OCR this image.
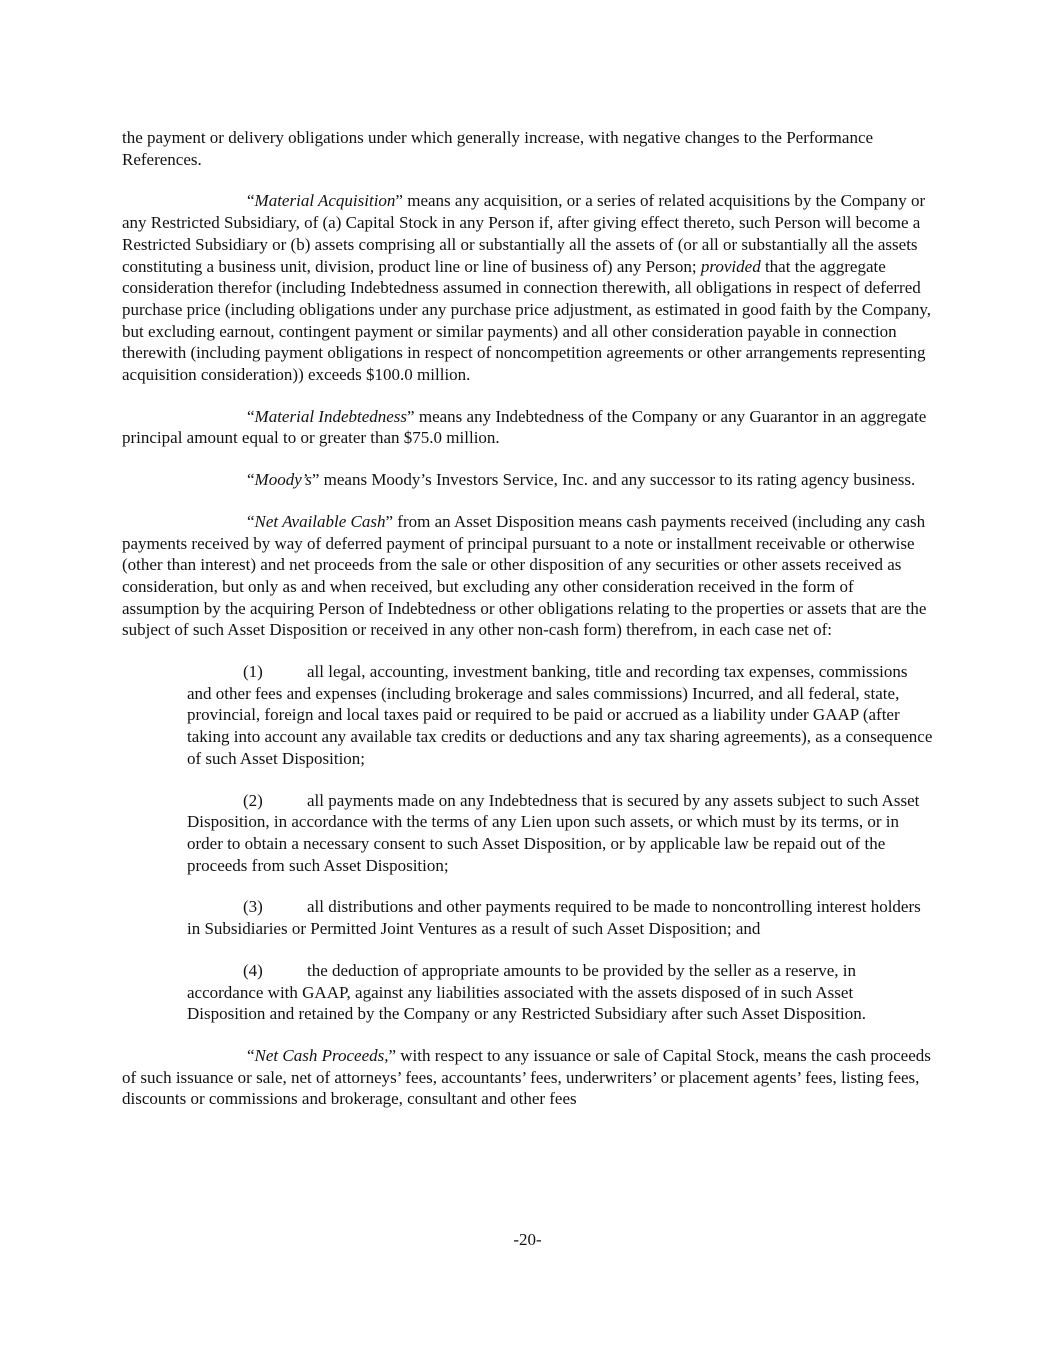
the payment or delivery obligations under which generally increase, with negative changes to the Performance References.

“Material Acquisition” means any acquisition, or a series of related acquisitions by the Company or any Restricted Subsidiary, of (a) Capital Stock in any Person if, after giving effect thereto, such Person will become a Restricted Subsidiary or (b) assets comprising all or substantially all the assets of (or all or substantially all the assets constituting a business unit, division, product line or line of business of) any Person; provided that the aggregate consideration therefor (including Indebtedness assumed in connection therewith, all obligations in respect of deferred purchase price (including obligations under any purchase price adjustment, as estimated in good faith by the Company, but excluding earnout, contingent payment or similar payments) and all other consideration payable in connection therewith (including payment obligations in respect of noncompetition agreements or other arrangements representing acquisition consideration)) exceeds $100.0 million.

“Material Indebtedness” means any Indebtedness of the Company or any Guarantor in an aggregate principal amount equal to or greater than $75.0 million.

“Moody’s” means Moody’s Investors Service, Inc. and any successor to its rating agency business.

“Net Available Cash” from an Asset Disposition means cash payments received (including any cash payments received by way of deferred payment of principal pursuant to a note or installment receivable or otherwise (other than interest) and net proceeds from the sale or other disposition of any securities or other assets received as consideration, but only as and when received, but excluding any other consideration received in the form of assumption by the acquiring Person of Indebtedness or other obligations relating to the properties or assets that are the subject of such Asset Disposition or received in any other non-cash form) therefrom, in each case net of:

(1)	all legal, accounting, investment banking, title and recording tax expenses, commissions and other fees and expenses (including brokerage and sales commissions) Incurred, and all federal, state, provincial, foreign and local taxes paid or required to be paid or accrued as a liability under GAAP (after taking into account any available tax credits or deductions and any tax sharing agreements), as a consequence of such Asset Disposition;
(2)	all payments made on any Indebtedness that is secured by any assets subject to such Asset Disposition, in accordance with the terms of any Lien upon such assets, or which must by its terms, or in order to obtain a necessary consent to such Asset Disposition, or by applicable law be repaid out of the proceeds from such Asset Disposition;
(3)	all distributions and other payments required to be made to noncontrolling interest holders in Subsidiaries or Permitted Joint Ventures as a result of such Asset Disposition; and
(4)	the deduction of appropriate amounts to be provided by the seller as a reserve, in accordance with GAAP, against any liabilities associated with the assets disposed of in such Asset Disposition and retained by the Company or any Restricted Subsidiary after such Asset Disposition.

“Net Cash Proceeds,” with respect to any issuance or sale of Capital Stock, means the cash proceeds of such issuance or sale, net of attorneys’ fees, accountants’ fees, underwriters’ or placement agents’ fees, listing fees, discounts or commissions and brokerage, consultant and other fees

-20-
